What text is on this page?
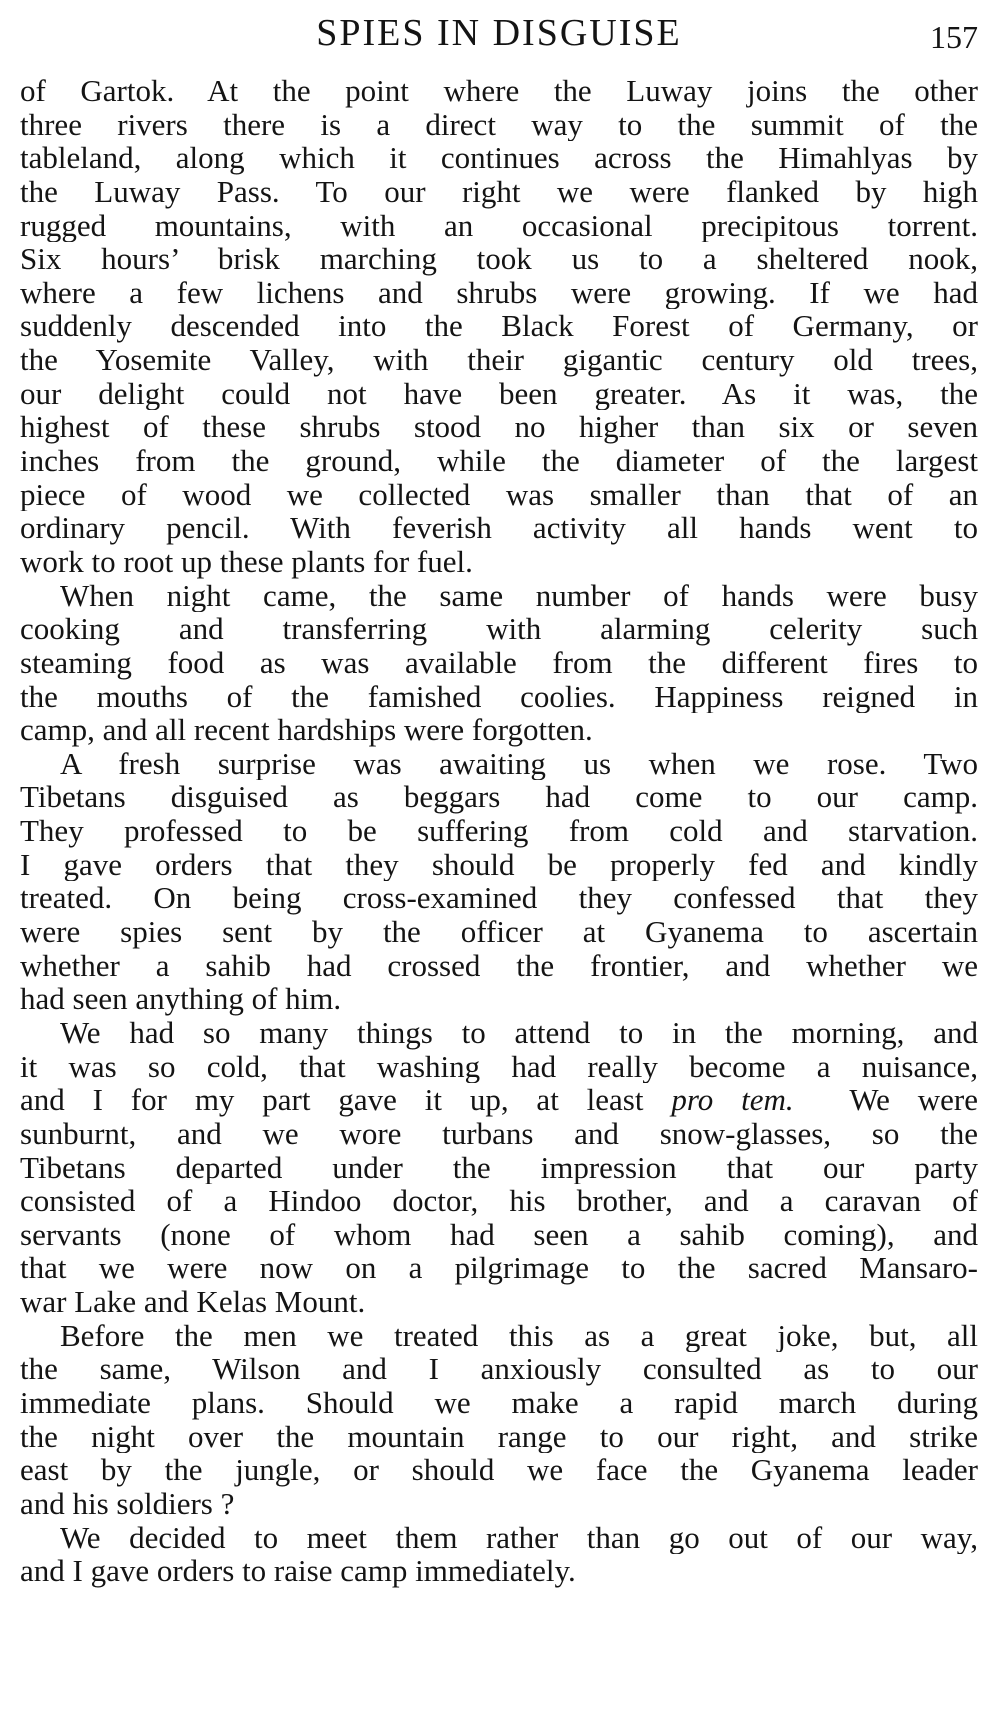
SPIES IN DISGUISE	157
of Gartok. At the point where the Luway joins the other
three rivers there is a direct way to the summit of the
tableland, along which it continues across the Himahlyas by
the Luway Pass. To our right we were flanked by high
rugged mountains, with an occasional precipitous torrent.
Six hours’ brisk marching took us to a sheltered nook,
where a few lichens and shrubs were growing. If we had
suddenly descended into the Black Forest of Germany, or
the Yosemite Valley, with their gigantic century old trees,
our delight could not have been greater. As it was, the
highest of these shrubs stood no higher than six or seven
inches from the ground, while the diameter of the largest
piece of wood we collected was smaller than that of an
ordinary pencil. With feverish activity all hands went to
work to root up these plants for fuel.
When night came, the same number of hands were busy
cooking and transferring with alarming celerity such
steaming food as was available from the different fires to
the mouths of the famished coolies. Happiness reigned in
camp, and all recent hardships were forgotten.
A fresh surprise was awaiting us when we rose. Two
Tibetans disguised as beggars had come to our camp.
They professed to be suffering from cold and starvation.
I gave orders that they should be properly fed and kindly
treated. On being cross-examined they confessed that they
were spies sent by the officer at Gyanema to ascertain
whether a sahib had crossed the frontier, and whether we
had seen anything of him.
We had so many things to attend to in the morning, and
it was so cold, that washing had really become a nuisance,
and I for my part gave it up, at least pro tem. We were
sunburnt, and we wore turbans and snow-glasses, so the
Tibetans departed under the impression that our party
consisted of a Hindoo doctor, his brother, and a caravan of
servants (none of whom had seen a sahib coming), and
that we were now on a pilgrimage to the sacred Mansaro-
war Lake and Kelas Mount.
Before the men we treated this as a great joke, but, all
the same, Wilson and I anxiously consulted as to our
immediate plans. Should we make a rapid march during
the night over the mountain range to our right, and strike
east by the jungle, or should we face the Gyanema leader
and his soldiers ?
We decided to meet them rather than go out of our way,
and I gave orders to raise camp immediately.
